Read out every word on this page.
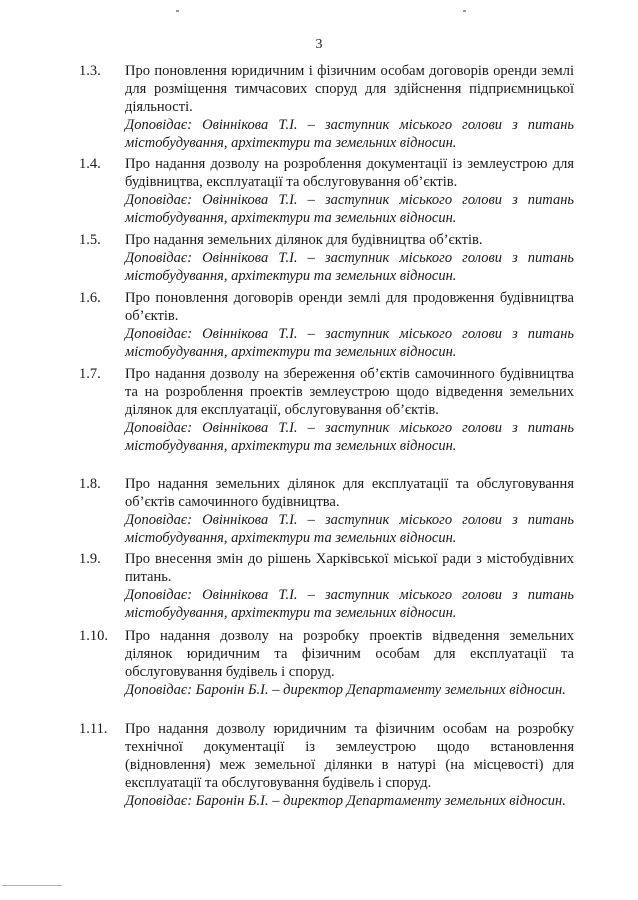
3
1.3. Про поновлення юридичним і фізичним особам договорів оренди землі для розміщення тимчасових споруд для здійснення підприємницької діяльності.

Доповідає: Овіннікова Т.І. – заступник міського голови з питань містобудування, архітектури та земельних відносин.

1.4. Про надання дозволу на розроблення документації із землеустрою для будівництва, експлуатації та обслуговування об’єктів.

Доповідає: Овіннікова Т.І. – заступник міського голови з питань містобудування, архітектури та земельних відносин.

1.5. Про надання земельних ділянок для будівництва об’єктів.

Доповідає: Овіннікова Т.І. – заступник міського голови з питань містобудування, архітектури та земельних відносин.

1.6. Про поновлення договорів оренди землі для продовження будівництва об’єктів.

Доповідає: Овіннікова Т.І. – заступник міського голови з питань містобудування, архітектури та земельних відносин.

1.7. Про надання дозволу на збереження об’єктів самочинного будівництва та на розроблення проектів землеустрою щодо відведення земельних ділянок для експлуатації, обслуговування об’єктів.

Доповідає: Овіннікова Т.І. – заступник міського голови з питань містобудування, архітектури та земельних відносин.

1.8. Про надання земельних ділянок для експлуатації та обслуговування об’єктів самочинного будівництва.

Доповідає: Овіннікова Т.І. – заступник міського голови з питань містобудування, архітектури та земельних відносин.

1.9. Про внесення змін до рішень Харківської міської ради з містобудівних питань.

Доповідає: Овіннікова Т.І. – заступник міського голови з питань містобудування, архітектури та земельних відносин.

1.10. Про надання дозволу на розробку проектів відведення земельних ділянок юридичним та фізичним особам для експлуатації та обслуговування будівель і споруд.

Доповідає: Баронін Б.І. – директор Департаменту земельних відносин.

1.11. Про надання дозволу юридичним та фізичним особам на розробку технічної документації із землеустрою щодо встановлення (відновлення) меж земельної ділянки в натурі (на місцевості) для експлуатації та обслуговування будівель і споруд.

Доповідає: Баронін Б.І. – директор Департаменту земельних відносин.
